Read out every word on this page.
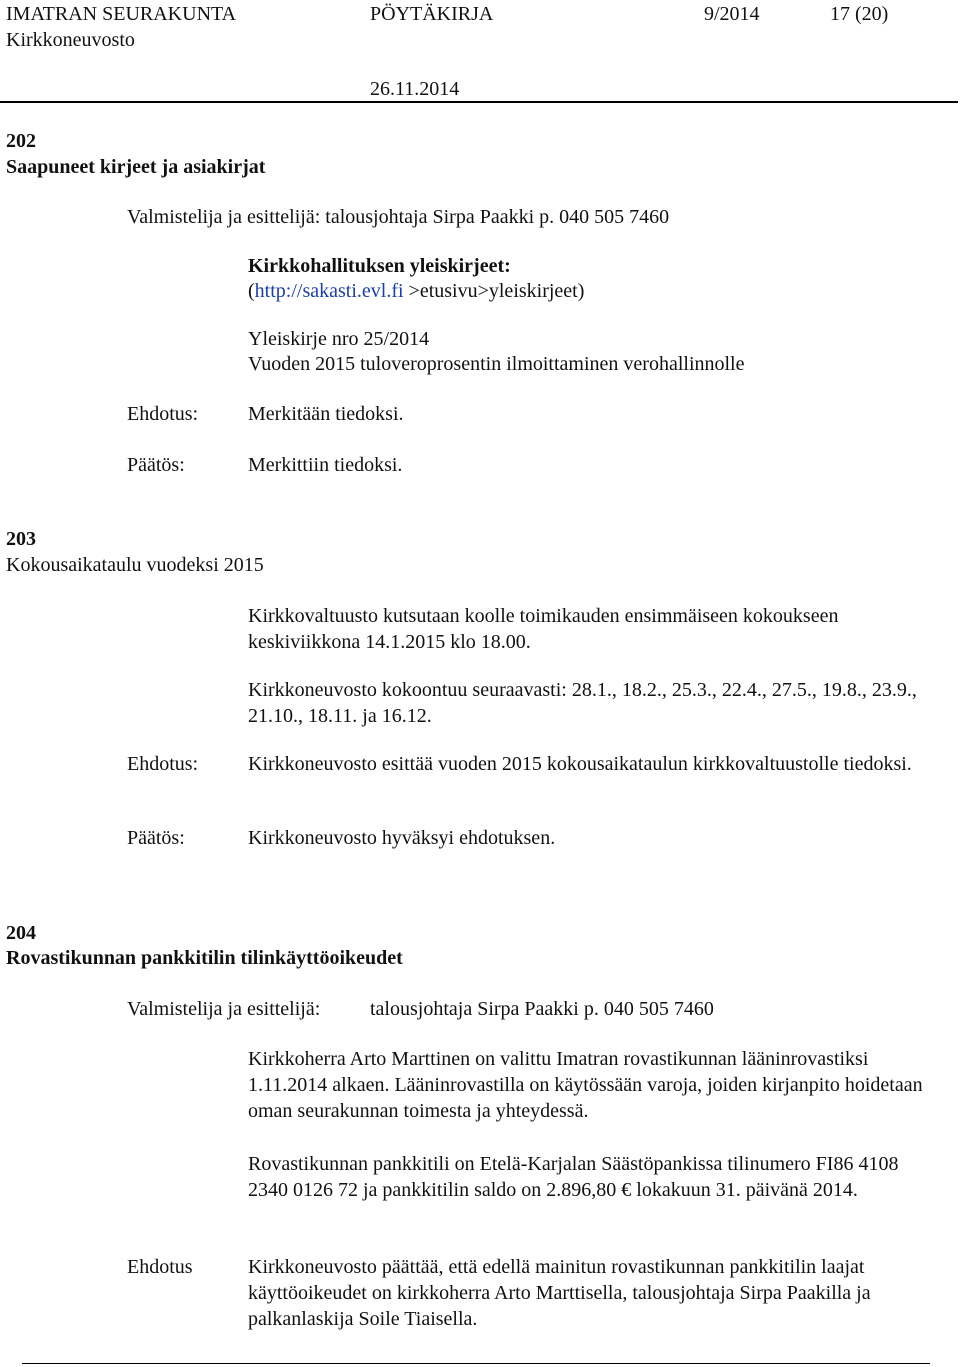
IMATRAN SEURAKUNTA	PÖYTÄKIRJA	9/2014	17 (20)
Kirkkoneuvosto
26.11.2014
202
Saapuneet kirjeet ja asiakirjat
Valmistelija ja esittelijä: talousjohtaja Sirpa Paakki p. 040 505 7460
Kirkkohallituksen yleiskirjeet:
(http://sakasti.evl.fi >etusivu>yleiskirjeet)
Yleiskirje nro 25/2014
Vuoden 2015 tuloveroprosentin ilmoittaminen verohallinnolle
Ehdotus: Merkitään tiedoksi.
Päätös:	Merkittiin tiedoksi.
203
Kokousaikataulu vuodeksi 2015
Kirkkovaltuusto kutsutaan koolle toimikauden ensimmäiseen kokoukseen keskiviikkona 14.1.2015 klo 18.00.
Kirkkoneuvosto kokoontuu seuraavasti: 28.1., 18.2., 25.3., 22.4., 27.5., 19.8., 23.9., 21.10., 18.11. ja 16.12.
Ehdotus: Kirkkoneuvosto esittää vuoden 2015 kokousaikataulun kirkkovaltuustolle tiedoksi.
Päätös:	Kirkkoneuvosto hyväksyi ehdotuksen.
204
Rovastikunnan pankkitilin tilinkäyttöoikeudet
Valmistelija ja esittelijä: talousjohtaja Sirpa Paakki p. 040 505 7460
Kirkkoherra Arto Marttinen on valittu Imatran rovastikunnan lääninrovastiksi 1.11.2014 alkaen. Lääninrovastilla on käytössään varoja, joiden kirjanpito hoidetaan oman seurakunnan toimesta ja yhteydessä.
Rovastikunnan pankkitili on Etelä-Karjalan Säästöpankissa tilinumero FI86 4108 2340 0126 72 ja pankkitilin saldo on 2.896,80 € lokakuun 31. päivänä 2014.
Ehdotus	Kirkkoneuvosto päättää, että edellä mainitun rovastikunnan pankkitilin laajat käyttöoikeudet on kirkkoherra Arto Marttisella, talousjohtaja Sirpa Paakilla ja palkanlaskija Soile Tiaisella.
